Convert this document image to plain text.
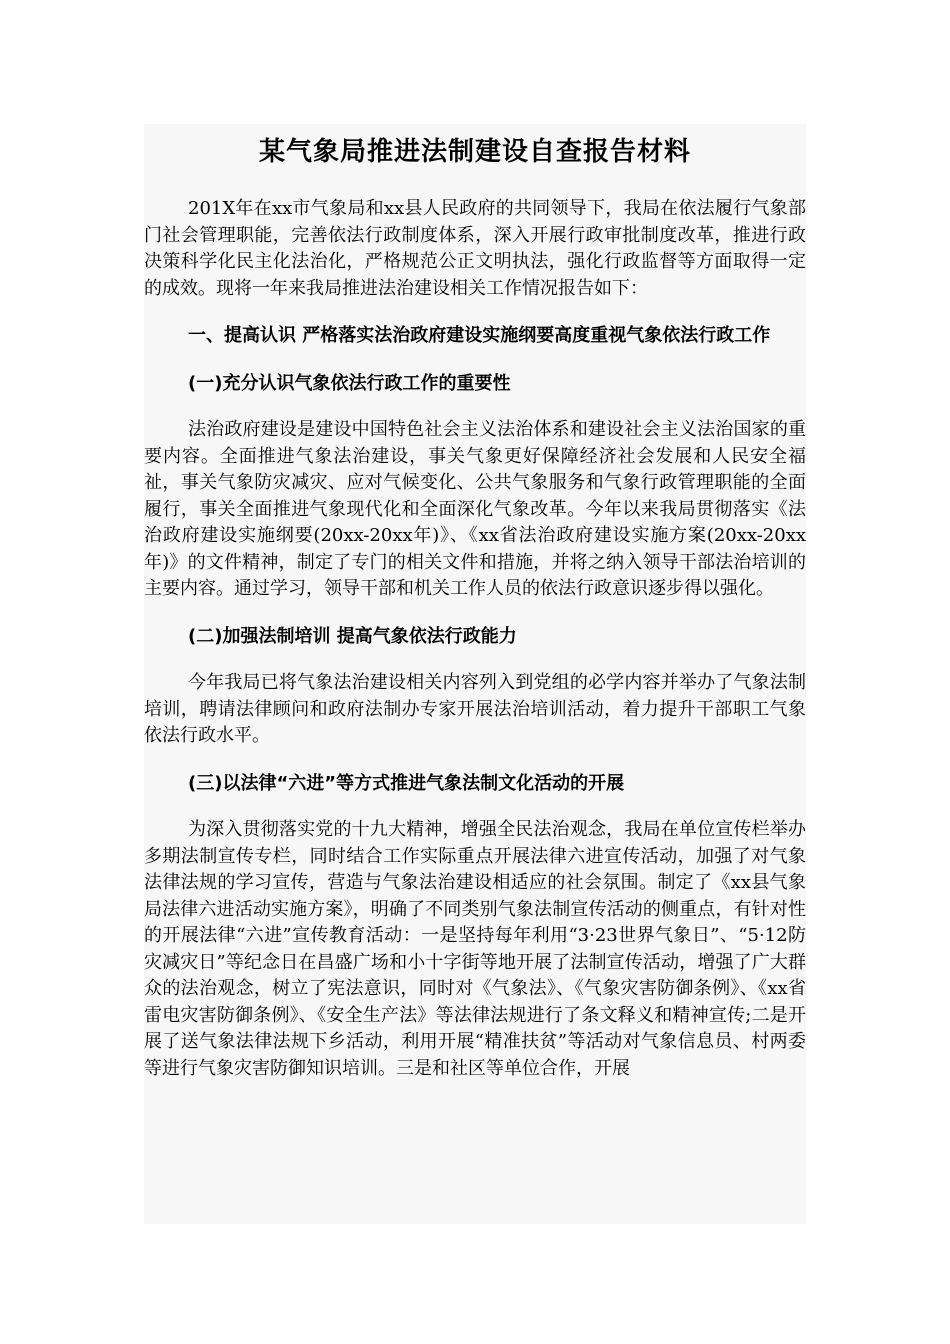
某气象局推进法制建设自查报告材料

201X年在xx市气象局和xx县人民政府的共同领导下，我局在依法履行气象部门社会管理职能，完善依法行政制度体系，深入开展行政审批制度改革，推进行政决策科学化民主化法治化，严格规范公正文明执法，强化行政监督等方面取得一定的成效。现将一年来我局推进法治建设相关工作情况报告如下：

一、提高认识 严格落实法治政府建设实施纲要高度重视气象依法行政工作

(一)充分认识气象依法行政工作的重要性

法治政府建设是建设中国特色社会主义法治体系和建设社会主义法治国家的重要内容。全面推进气象法治建设，事关气象更好保障经济社会发展和人民安全福祉，事关气象防灾减灾、应对气候变化、公共气象服务和气象行政管理职能的全面履行，事关全面推进气象现代化和全面深化气象改革。今年以来我局贯彻落实《法治政府建设实施纲要(20xx-20xx年)》、《xx省法治政府建设实施方案(20xx-20xx年)》的文件精神，制定了专门的相关文件和措施，并将之纳入领导干部法治培训的主要内容。通过学习，领导干部和机关工作人员的依法行政意识逐步得以强化。

(二)加强法制培训 提高气象依法行政能力

今年我局已将气象法治建设相关内容列入到党组的必学内容并举办了气象法制培训，聘请法律顾问和政府法制办专家开展法治培训活动，着力提升干部职工气象依法行政水平。

(三)以法律“六进”等方式推进气象法制文化活动的开展

为深入贯彻落实党的十九大精神，增强全民法治观念，我局在单位宣传栏举办多期法制宣传专栏，同时结合工作实际重点开展法律六进宣传活动，加强了对气象法律法规的学习宣传，营造与气象法治建设相适应的社会氛围。制定了《xx县气象局法律六进活动实施方案》，明确了不同类别气象法制宣传活动的侧重点，有针对性的开展法律“六进”宣传教育活动：一是坚持每年利用“3·23世界气象日”、“5·12防灾减灾日”等纪念日在昌盛广场和小十字街等地开展了法制宣传活动，增强了广大群众的法治观念，树立了宪法意识，同时对《气象法》、《气象灾害防御条例》、《xx省雷电灾害防御条例》、《安全生产法》等法律法规进行了条文释义和精神宣传;二是开展了送气象法律法规下乡活动，利用开展“精准扶贫”等活动对气象信息员、村两委等进行气象灾害防御知识培训。三是和社区等单位合作，开展
